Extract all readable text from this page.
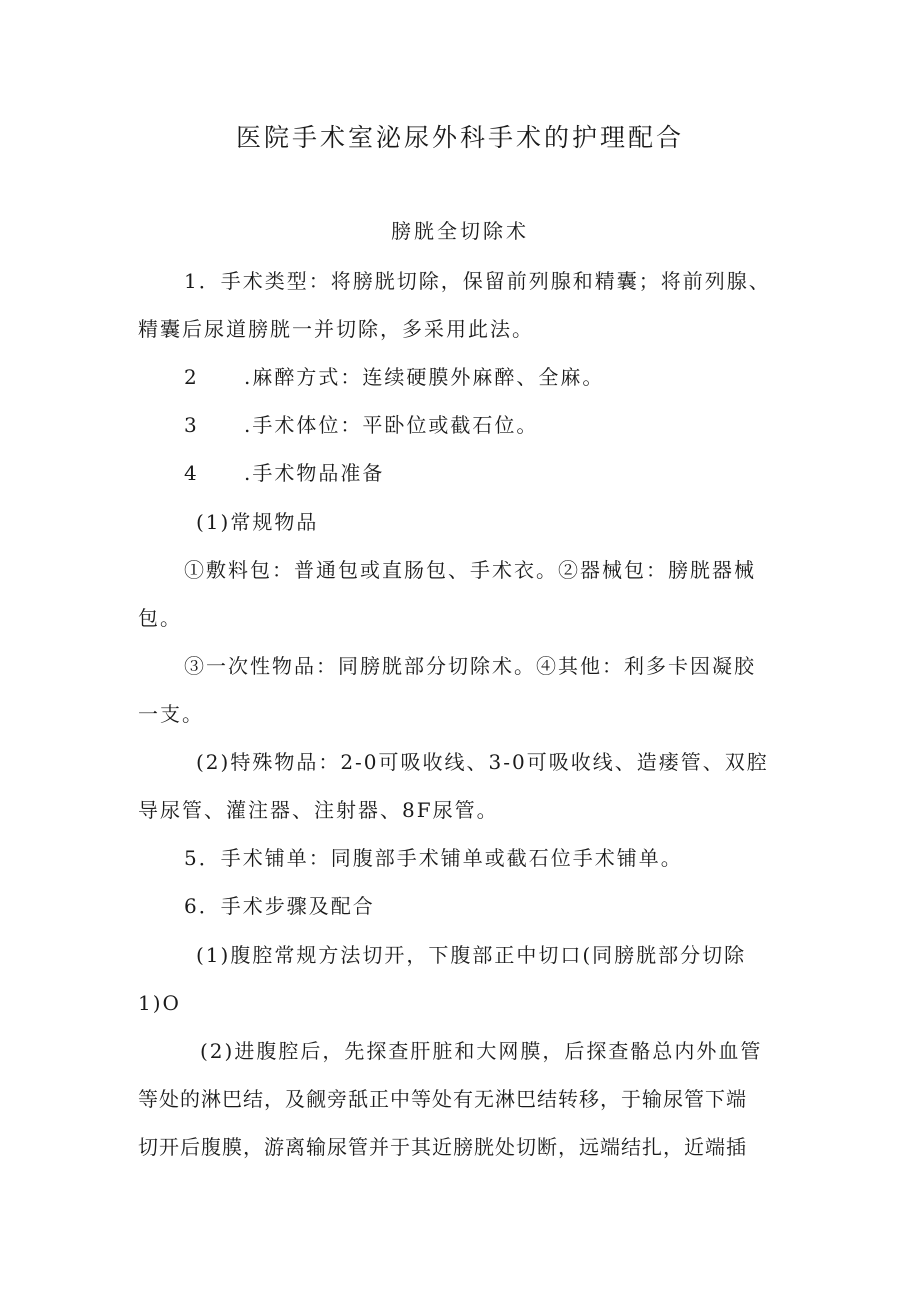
医院手术室泌尿外科手术的护理配合
膀胱全切除术
1．手术类型：将膀胱切除，保留前列腺和精囊；将前列腺、
精囊后尿道膀胱一并切除，多采用此法。
2 .麻醉方式：连续硬膜外麻醉、全麻。
3 .手术体位：平卧位或截石位。
4 .手术物品准备
(1)常规物品
①敷料包：普通包或直肠包、手术衣。②器械包：膀胱器械
包。
③一次性物品：同膀胱部分切除术。④其他：利多卡因凝胶
一支。
(2)特殊物品：2-0可吸收线、3-0可吸收线、造瘘管、双腔
导尿管、灌注器、注射器、8F尿管。
5．手术铺单：同腹部手术铺单或截石位手术铺单。
6．手术步骤及配合
(1)腹腔常规方法切开，下腹部正中切口(同膀胱部分切除
1)O
(2)进腹腔后，先探查肝脏和大网膜，后探查骼总内外血管
等处的淋巴结，及觎旁舐正中等处有无淋巴结转移，于输尿管下端
切开后腹膜，游离输尿管并于其近膀胱处切断，远端结扎，近端插
